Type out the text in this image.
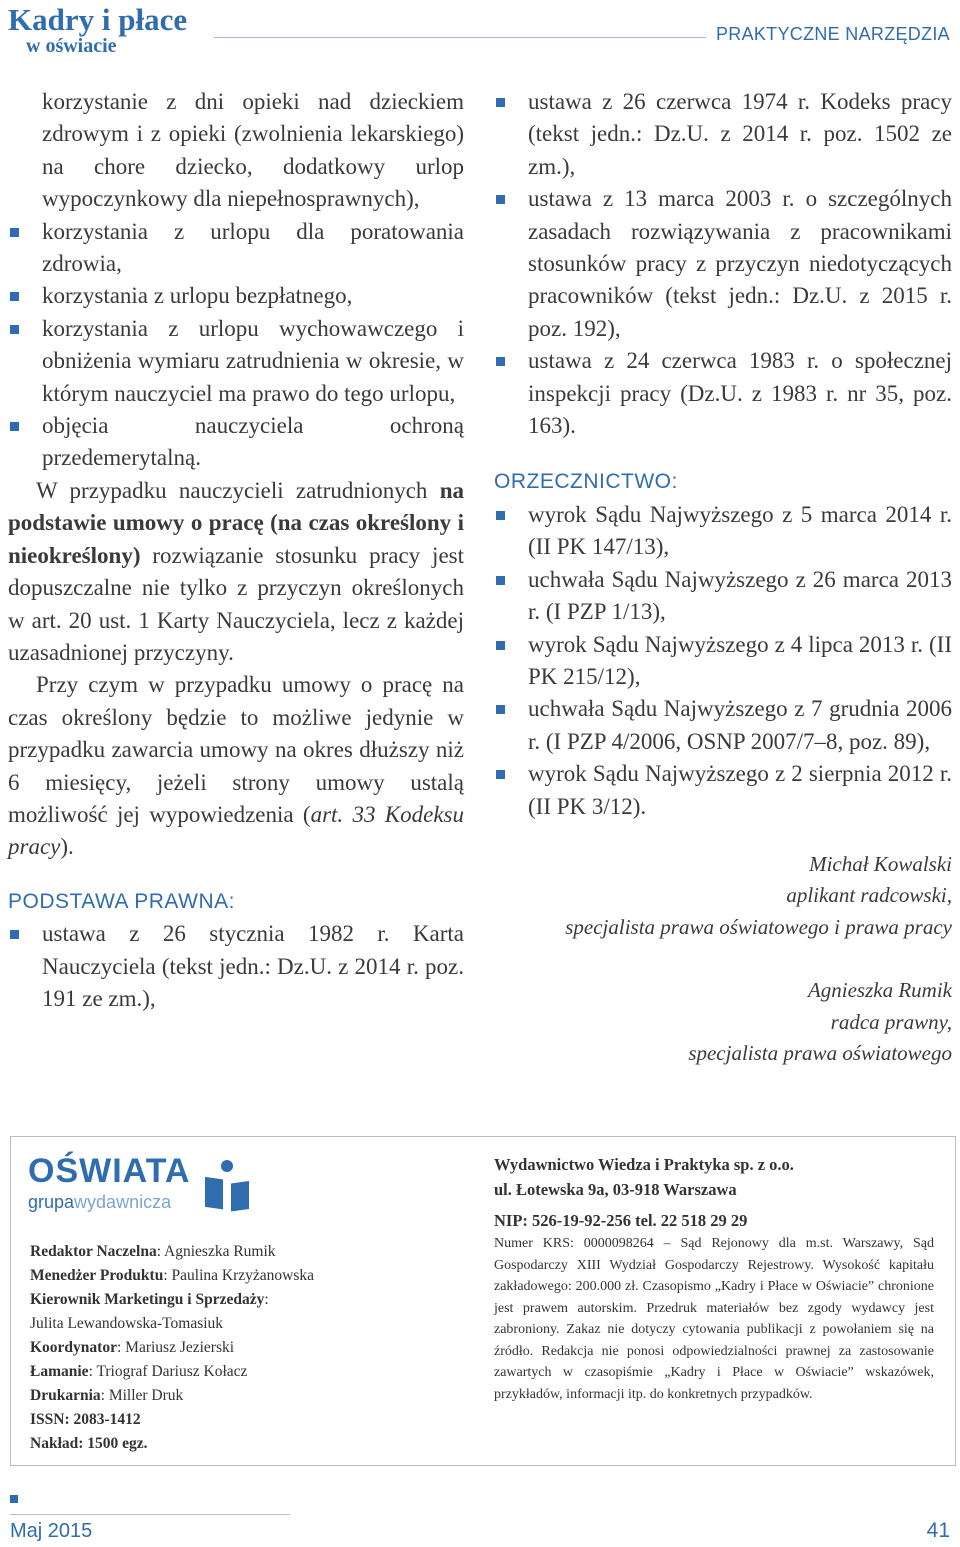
Kadry i płace
w oświacie
PRAKTYCZNE NARZĘDZIA

korzystanie z dni opieki nad dzieckiem zdrowym i z opieki (zwolnienia lekarskiego) na chore dziecko, dodatkowy urlop wypoczynkowy dla niepełnosprawnych),

korzystania z urlopu dla poratowania zdrowia,

korzystania z urlopu bezpłatnego,

korzystania z urlopu wychowawczego i obniżenia wymiaru zatrudnienia w okresie, w którym nauczyciel ma prawo do tego urlopu,

objęcia nauczyciela ochroną przedemerytalną.

W przypadku nauczycieli zatrudnionych na podstawie umowy o pracę (na czas określony i nieokreślony) rozwiązanie stosunku pracy jest dopuszczalne nie tylko z przyczyn określonych w art. 20 ust. 1 Karty Nauczyciela, lecz z każdej uzasadnionej przyczyny.

Przy czym w przypadku umowy o pracę na czas określony będzie to możliwe jedynie w przypadku zawarcia umowy na okres dłuższy niż 6 miesięcy, jeżeli strony umowy ustalą możliwość jej wypowiedzenia (art. 33 Kodeksu pracy).

PODSTAWA PRAWNA:

ustawa z 26 stycznia 1982 r. Karta Nauczyciela (tekst jedn.: Dz.U. z 2014 r. poz. 191 ze zm.),

ustawa z 26 czerwca 1974 r. Kodeks pracy (tekst jedn.: Dz.U. z 2014 r. poz. 1502 ze zm.),

ustawa z 13 marca 2003 r. o szczególnych zasadach rozwiązywania z pracownikami stosunków pracy z przyczyn niedotyczących pracowników (tekst jedn.: Dz.U. z 2015 r. poz. 192),

ustawa z 24 czerwca 1983 r. o społecznej inspekcji pracy (Dz.U. z 1983 r. nr 35, poz. 163).

ORZECZNICTWO:

wyrok Sądu Najwyższego z 5 marca 2014 r. (II PK 147/13),

uchwała Sądu Najwyższego z 26 marca 2013 r. (I PZP 1/13),

wyrok Sądu Najwyższego z 4 lipca 2013 r. (II PK 215/12),

uchwała Sądu Najwyższego z 7 grudnia 2006 r. (I PZP 4/2006, OSNP 2007/7–8, poz. 89),

wyrok Sądu Najwyższego z 2 sierpnia 2012 r. (II PK 3/12).

Michał Kowalski

aplikant radcowski,

specjalista prawa oświatowego i prawa pracy

Agnieszka Rumik

radca prawny,

specjalista prawa oświatowego

OŚWIATA
grupawydawnicza
Redaktor Naczelna: Agnieszka Rumik
Menedżer Produktu: Paulina Krzyżanowska
Kierownik Marketingu i Sprzedaży:
Julita Lewandowska-Tomasiuk
Koordynator: Mariusz Jezierski
Łamanie: Triograf Dariusz Kołacz
Drukarnia: Miller Druk
ISSN: 2083-1412
Nakład: 1500 egz.
Wydawnictwo Wiedza i Praktyka sp. z o.o.
ul. Łotewska 9a, 03-918 Warszawa
NIP: 526-19-92-256 tel. 22 518 29 29
Numer KRS: 0000098264 – Sąd Rejonowy dla m.st. Warszawy, Sąd Gospodarczy XIII Wydział Gospodarczy Rejestrowy. Wysokość kapitału zakładowego: 200.000 zł. Czasopismo „Kadry i Płace w Oświacie” chronione jest prawem autorskim. Przedruk materiałów bez zgody wydawcy jest zabroniony. Zakaz nie dotyczy cytowania publikacji z powołaniem się na źródło. Redakcja nie ponosi odpowiedzialności prawnej za zastosowanie zawartych w czasopiśmie „Kadry i Płace w Oświacie” wskazówek, przykładów, informacji itp. do konkretnych przypadków.
Maj 2015	41
